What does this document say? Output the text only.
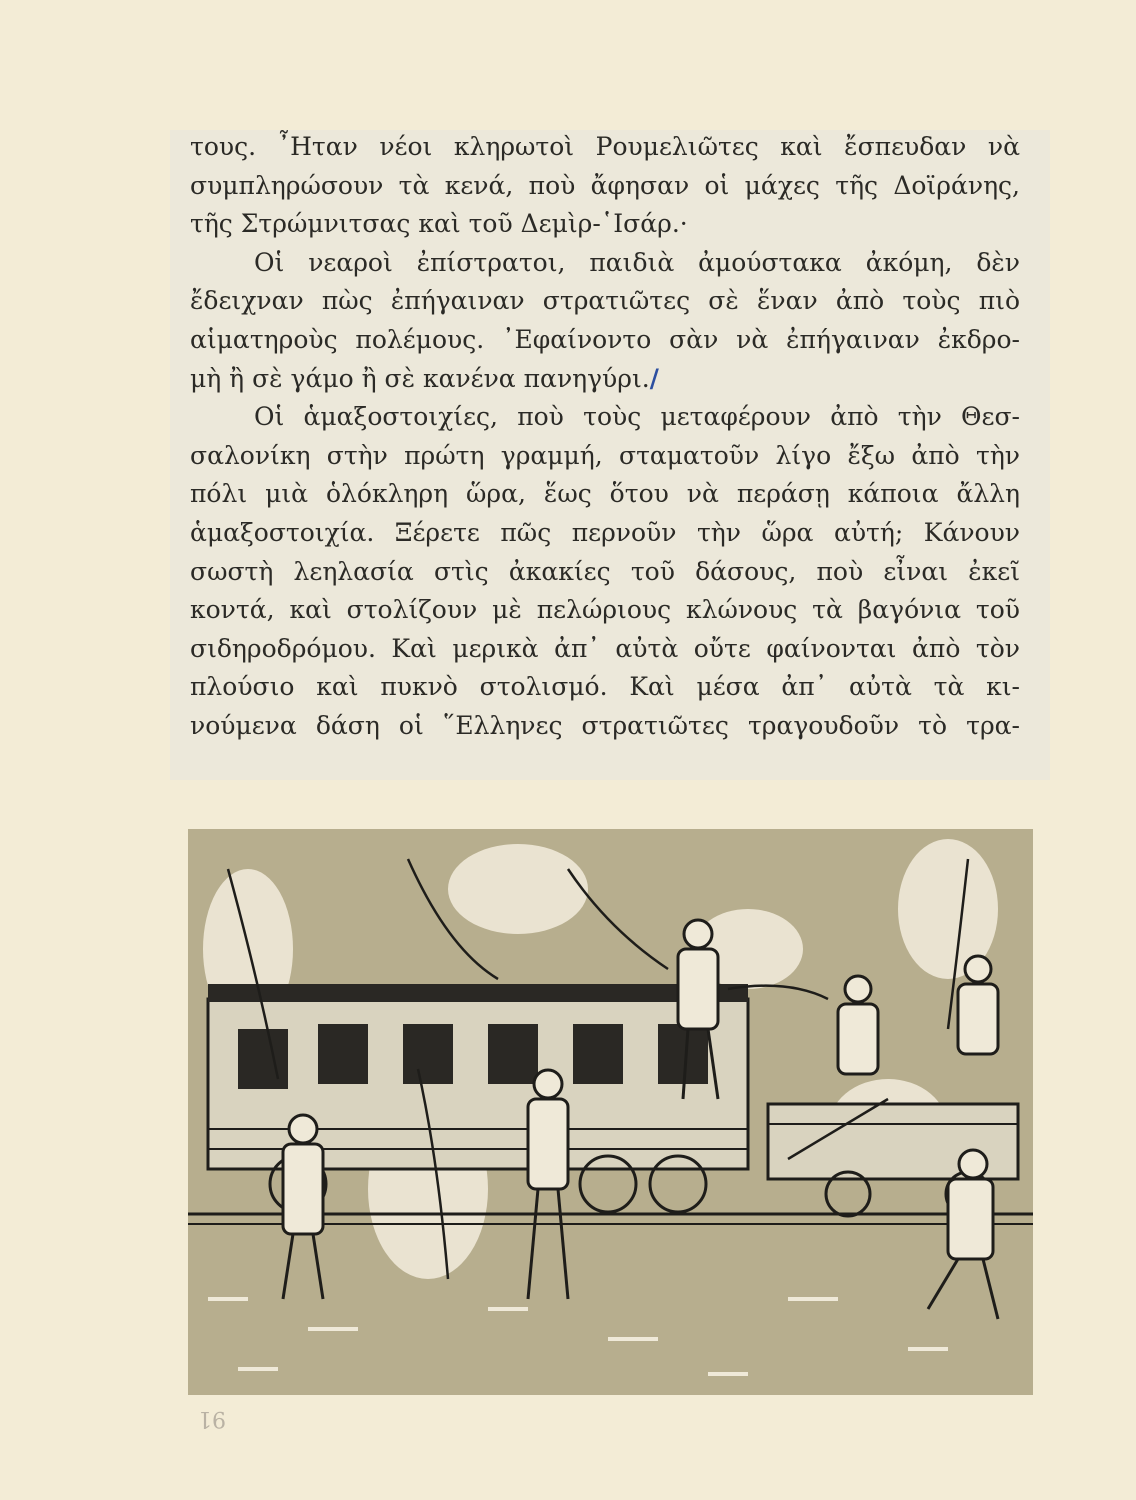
τους. ῏Ηταν νέοι κληρωτοὶ Ρουμελιῶτες καὶ ἔσπευδαν νὰ
συμπληρώσουν τὰ κενά, ποὺ ἄφησαν οἱ μάχες τῆς Δοϊράνης,
τῆς Στρώμνιτσας καὶ τοῦ Δεμὶρ-῾Ισάρ.·
Οἱ νεαροὶ ἐπίστρατοι, παιδιὰ ἀμούστακα ἀκόμη, δὲν
ἔδειχναν πὼς ἐπήγαιναν στρατιῶτες σὲ ἕναν ἀπὸ τοὺς πιὸ
αἱματηροὺς πολέμους. ᾿Εφαίνοντο σὰν νὰ ἐπήγαιναν ἐκδρο-
μὴ ἢ σὲ γάμο ἢ σὲ κανένα πανηγύρι./
Οἱ ἁμαξοστοιχίες, ποὺ τοὺς μεταφέρουν ἀπὸ τὴν Θεσ-
σαλονίκη στὴν πρώτη γραμμή, σταματοῦν λίγο ἔξω ἀπὸ τὴν
πόλι μιὰ ὁλόκληρη ὥρα, ἕως ὅτου νὰ περάσῃ κάποια ἄλλη
ἁμαξοστοιχία. Ξέρετε πῶς περνοῦν τὴν ὥρα αὐτή; Κάνουν
σωστὴ λεηλασία στὶς ἀκακίες τοῦ δάσους, ποὺ εἶναι ἐκεῖ
κοντά, καὶ στολίζουν μὲ πελώριους κλώνους τὰ βαγόνια τοῦ
σιδηροδρόμου. Καὶ μερικὰ ἀπ᾿ αὐτὰ οὔτε φαίνονται ἀπὸ τὸν
πλούσιο καὶ πυκνὸ στολισμό. Καὶ μέσα ἀπ᾿ αὐτὰ τὰ κι-
νούμενα δάση οἱ ῞Ελληνες στρατιῶτες τραγουδοῦν τὸ τρα-
91
